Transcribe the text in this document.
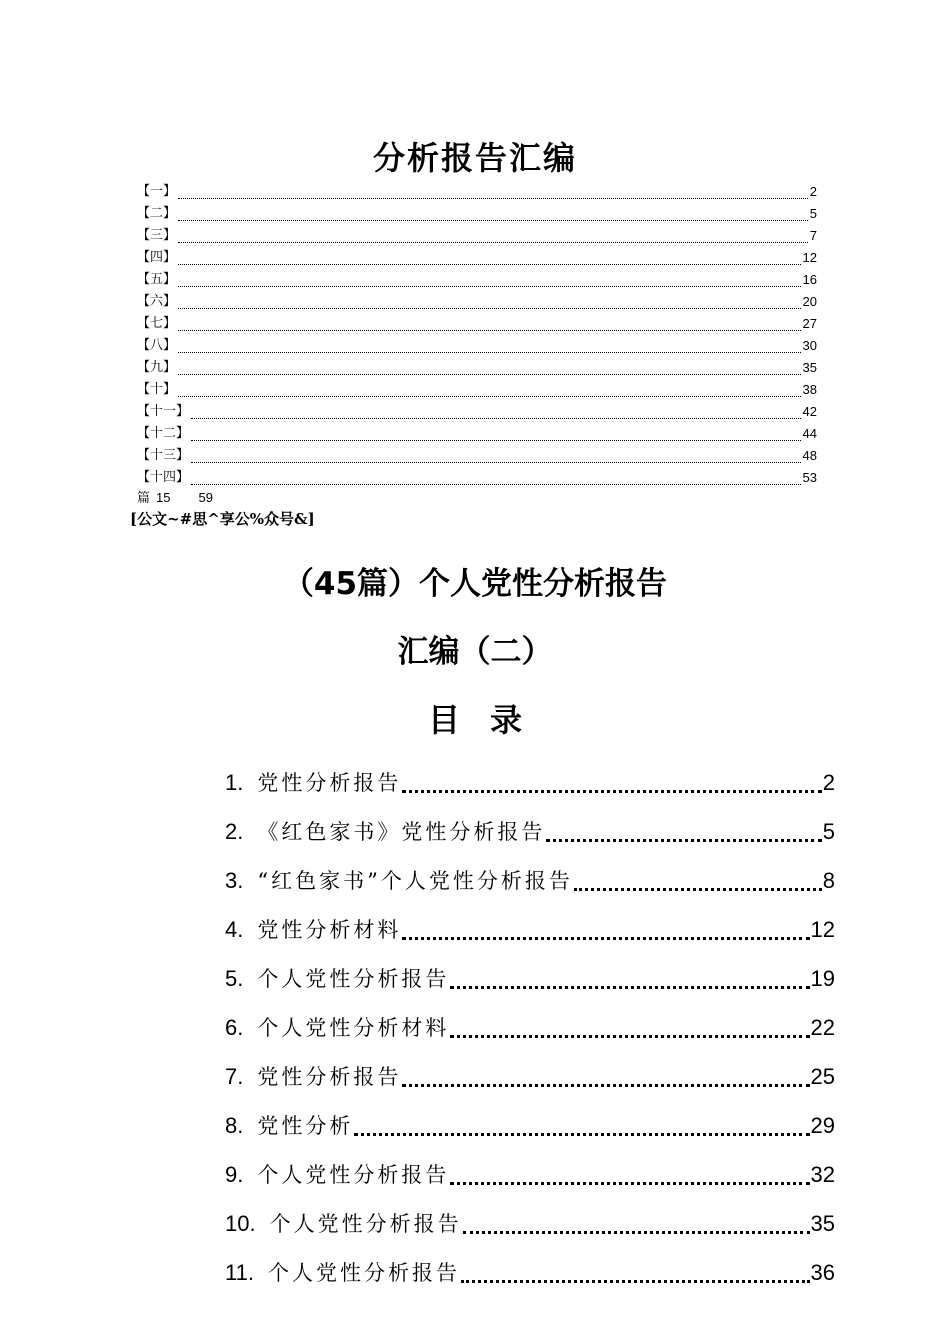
分析报告汇编
【一】	2
【二】	5
【三】	7
【四】	12
【五】	16
【六】	20
【七】	27
【八】	30
【九】	35
【十】	38
【十一】	42
【十二】	44
【十三】	48
【十四】	53
篇 15 59
[公文~#思^享公%众号&]
（45篇）个人党性分析报告
汇编（二）
目录
1. 党性分析报告	2
2. 《红色家书》党性分析报告	5
3. “红色家书”个人党性分析报告	8
4. 党性分析材料	12
5. 个人党性分析报告	19
6. 个人党性分析材料	22
7. 党性分析报告	25
8. 党性分析	29
9. 个人党性分析报告	32
10. 个人党性分析报告	35
11. 个人党性分析报告	36
